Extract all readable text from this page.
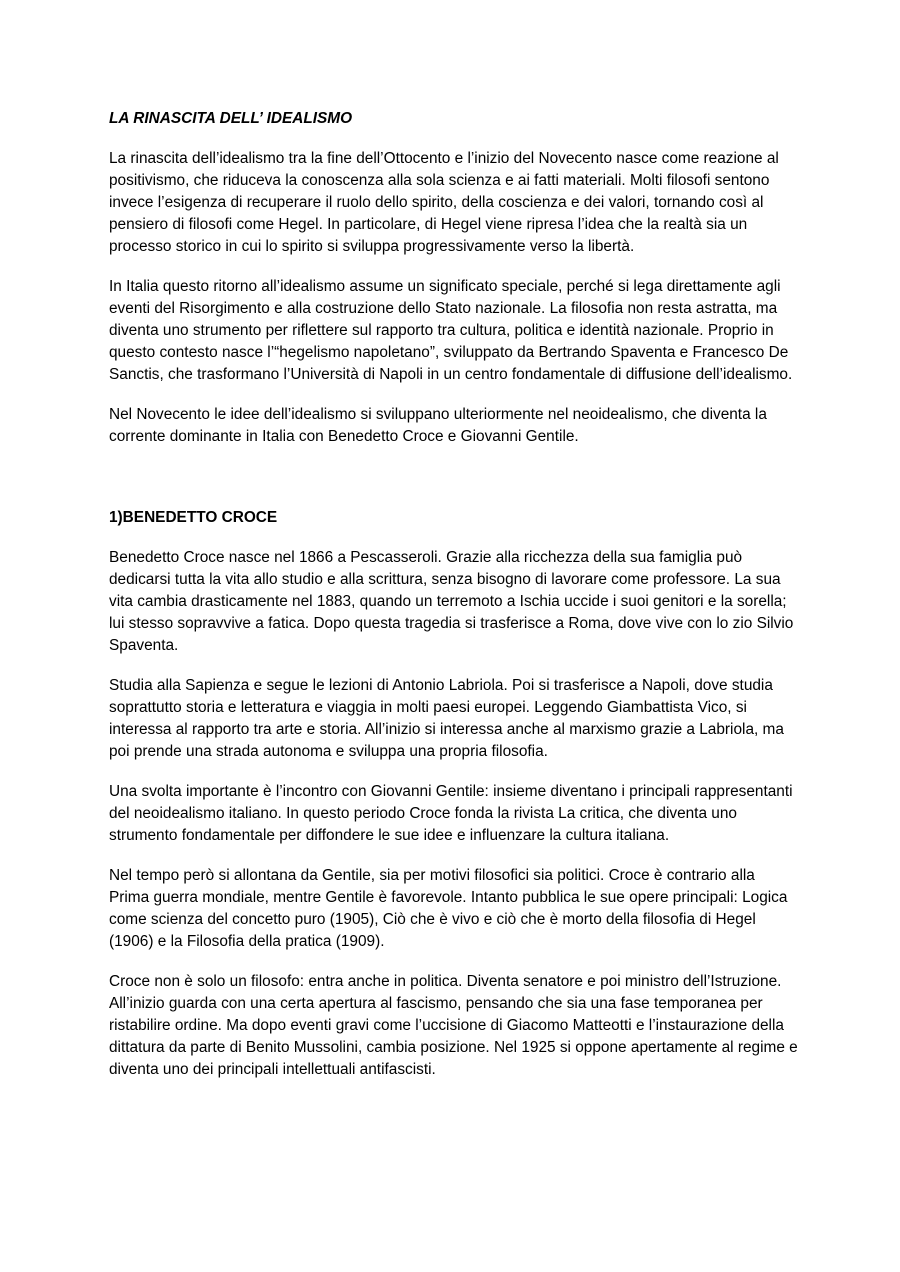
LA RINASCITA DELL’ IDEALISMO

La rinascita dell’idealismo tra la fine dell’Ottocento e l’inizio del Novecento nasce come reazione al positivismo, che riduceva la conoscenza alla sola scienza e ai fatti materiali. Molti filosofi sentono invece l’esigenza di recuperare il ruolo dello spirito, della coscienza e dei valori, tornando così al pensiero di filosofi come Hegel. In particolare, di Hegel viene ripresa l’idea che la realtà sia un processo storico in cui lo spirito si sviluppa progressivamente verso la libertà.

In Italia questo ritorno all’idealismo assume un significato speciale, perché si lega direttamente agli eventi del Risorgimento e alla costruzione dello Stato nazionale. La filosofia non resta astratta, ma diventa uno strumento per riflettere sul rapporto tra cultura, politica e identità nazionale. Proprio in questo contesto nasce l’“hegelismo napoletano”, sviluppato da Bertrando Spaventa e Francesco De Sanctis, che trasformano l’Università di Napoli in un centro fondamentale di diffusione dell’idealismo.

Nel Novecento le idee dell’idealismo si sviluppano ulteriormente nel neoidealismo, che diventa la corrente dominante in Italia con Benedetto Croce e Giovanni Gentile.

1)BENEDETTO CROCE

Benedetto Croce nasce nel 1866 a Pescasseroli. Grazie alla ricchezza della sua famiglia può dedicarsi tutta la vita allo studio e alla scrittura, senza bisogno di lavorare come professore. La sua vita cambia drasticamente nel 1883, quando un terremoto a Ischia uccide i suoi genitori e la sorella; lui stesso sopravvive a fatica. Dopo questa tragedia si trasferisce a Roma, dove vive con lo zio Silvio Spaventa.

Studia alla Sapienza e segue le lezioni di Antonio Labriola. Poi si trasferisce a Napoli, dove studia soprattutto storia e letteratura e viaggia in molti paesi europei. Leggendo Giambattista Vico, si interessa al rapporto tra arte e storia. All’inizio si interessa anche al marxismo grazie a Labriola, ma poi prende una strada autonoma e sviluppa una propria filosofia.

Una svolta importante è l’incontro con Giovanni Gentile: insieme diventano i principali rappresentanti del neoidealismo italiano. In questo periodo Croce fonda la rivista La critica, che diventa uno strumento fondamentale per diffondere le sue idee e influenzare la cultura italiana.

Nel tempo però si allontana da Gentile, sia per motivi filosofici sia politici. Croce è contrario alla Prima guerra mondiale, mentre Gentile è favorevole. Intanto pubblica le sue opere principali: Logica come scienza del concetto puro (1905), Ciò che è vivo e ciò che è morto della filosofia di Hegel (1906) e la Filosofia della pratica (1909).

Croce non è solo un filosofo: entra anche in politica. Diventa senatore e poi ministro dell’Istruzione. All’inizio guarda con una certa apertura al fascismo, pensando che sia una fase temporanea per ristabilire ordine. Ma dopo eventi gravi come l’uccisione di Giacomo Matteotti e l’instaurazione della dittatura da parte di Benito Mussolini, cambia posizione. Nel 1925 si oppone apertamente al regime e diventa uno dei principali intellettuali antifascisti.
